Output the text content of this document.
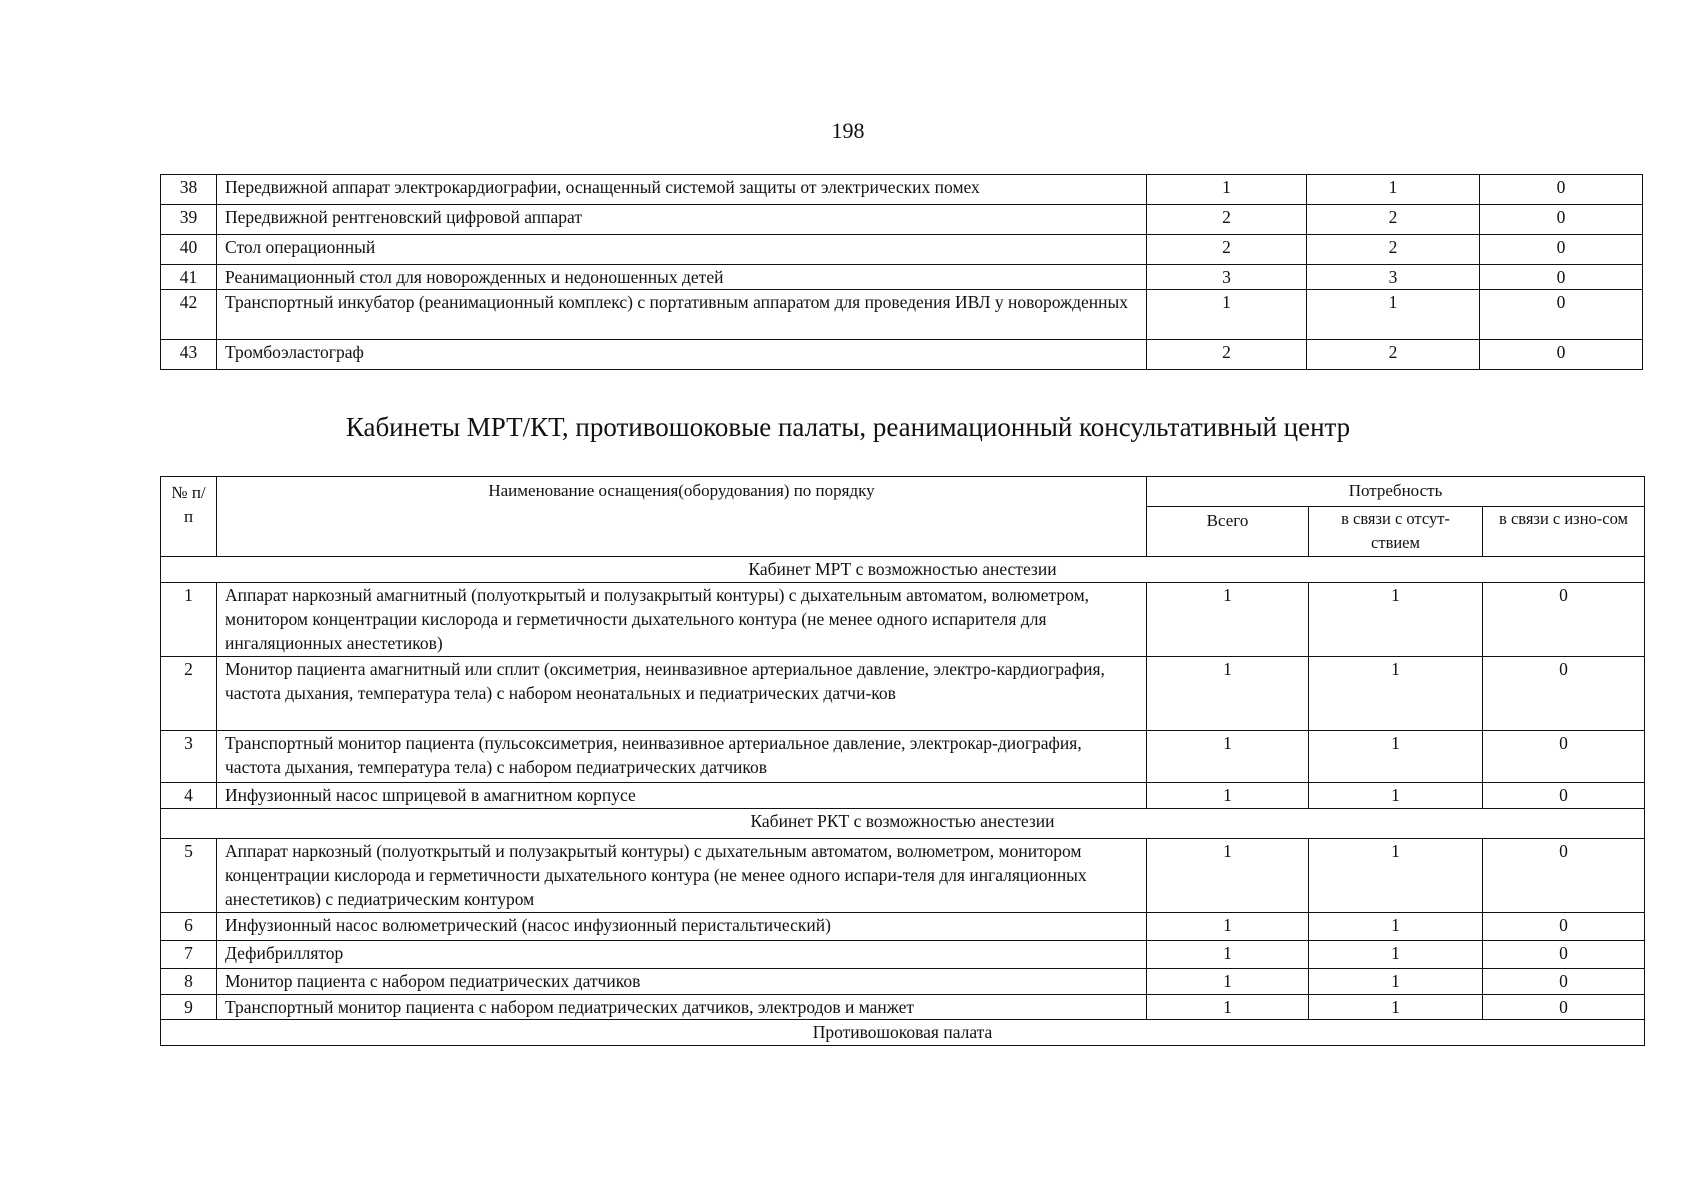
198
38	Передвижной аппарат электрокардиографии, оснащенный системой защиты от электрических помех	1	1	0
39	Передвижной рентгеновский цифровой аппарат	2	2	0
40	Стол операционный	2	2	0
41	Реанимационный стол для новорожденных и недоношенных детей	3	3	0
42	Транспортный инкубатор (реанимационный комплекс) с портативным аппаратом для проведения ИВЛ у новорожденных	1	1	0
43	Тромбоэластограф	2	2	0
Кабинеты МРТ/КТ, противошоковые палаты, реанимационный консультативный центр
№ п/п	Наименование оснащения(оборудования) по порядку	Потребность		
		Всего	в связи с отсут-ствием	в связи с изно-сом
Кабинет МРТ с возможностью анестезии				
1	Аппарат наркозный амагнитный (полуоткрытый и полузакрытый контуры) с дыхательным автоматом, волюметром, монитором концентрации кислорода и герметичности дыхательного контура (не менее одного испарителя для ингаляционных анестетиков)	1	1	0
2	Монитор пациента амагнитный или сплит (оксиметрия, неинвазивное артериальное давление, электро-кардиография, частота дыхания, температура тела) с набором неонатальных и педиатрических датчи-ков	1	1	0
3	Транспортный монитор пациента (пульсоксиметрия, неинвазивное артериальное давление, электрокар-диография, частота дыхания, температура тела) с набором педиатрических датчиков	1	1	0
4	Инфузионный насос шприцевой в амагнитном корпусе	1	1	0
Кабинет РКТ с возможностью анестезии				
5	Аппарат наркозный (полуоткрытый и полузакрытый контуры) с дыхательным автоматом, волюметром, монитором концентрации кислорода и герметичности дыхательного контура (не менее одного испари-теля для ингаляционных анестетиков) с педиатрическим контуром	1	1	0
6	Инфузионный насос волюметрический (насос инфузионный перистальтический)	1	1	0
7	Дефибриллятор	1	1	0
8	Монитор пациента с набором педиатрических датчиков	1	1	0
9	Транспортный монитор пациента с набором педиатрических датчиков, электродов и манжет	1	1	0
Противошоковая палата				
